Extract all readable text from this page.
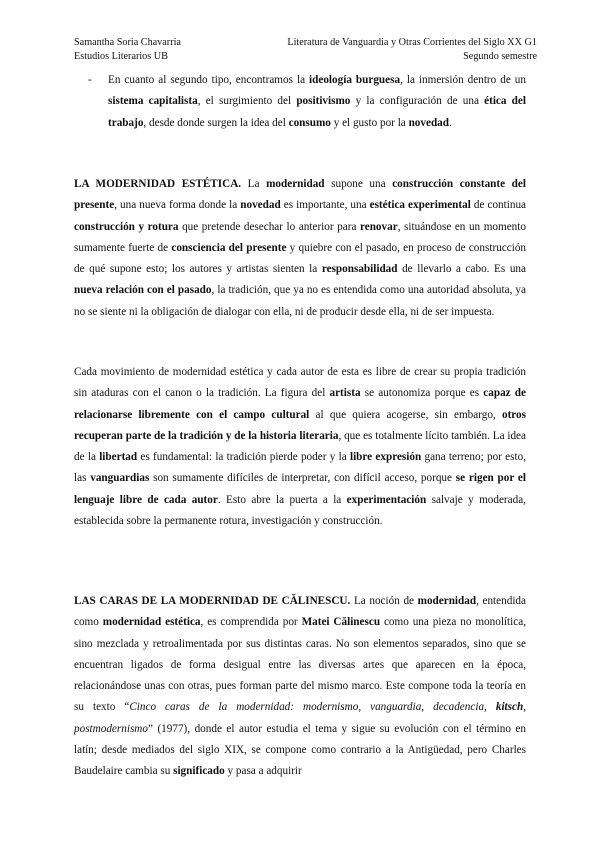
Samantha Soria Chavarria
Estudios Literarios UB
Literatura de Vanguardia y Otras Corrientes del Siglo XX G1
Segundo semestre
- En cuanto al segundo tipo, encontramos la ideología burguesa, la inmersión dentro de un sistema capitalista, el surgimiento del positivismo y la configuración de una ética del trabajo, desde donde surgen la idea del consumo y el gusto por la novedad.

LA MODERNIDAD ESTÉTICA. La modernidad supone una construcción constante del presente, una nueva forma donde la novedad es importante, una estética experimental de continua construcción y rotura que pretende desechar lo anterior para renovar, situándose en un momento sumamente fuerte de consciencia del presente y quiebre con el pasado, en proceso de construcción de qué supone esto; los autores y artistas sienten la responsabilidad de llevarlo a cabo. Es una nueva relación con el pasado, la tradición, que ya no es entendida como una autoridad absoluta, ya no se siente ni la obligación de dialogar con ella, ni de producir desde ella, ni de ser impuesta.

Cada movimiento de modernidad estética y cada autor de esta es libre de crear su propia tradición sin ataduras con el canon o la tradición. La figura del artista se autonomiza porque es capaz de relacionarse libremente con el campo cultural al que quiera acogerse, sin embargo, otros recuperan parte de la tradición y de la historia literaria, que es totalmente lícito también. La idea de la libertad es fundamental: la tradición pierde poder y la libre expresión gana terreno; por esto, las vanguardias son sumamente difíciles de interpretar, con difícil acceso, porque se rigen por el lenguaje libre de cada autor. Esto abre la puerta a la experimentación salvaje y moderada, establecida sobre la permanente rotura, investigación y construcción.

LAS CARAS DE LA MODERNIDAD DE CĂLINESCU. La noción de modernidad, entendida como modernidad estética, es comprendida por Matei Călinescu como una pieza no monolítica, sino mezclada y retroalimentada por sus distintas caras. No son elementos separados, sino que se encuentran ligados de forma desigual entre las diversas artes que aparecen en la época, relacionándose unas con otras, pues forman parte del mismo marco. Este compone toda la teoría en su texto “Cinco caras de la modernidad: modernismo, vanguardia, decadencia, kitsch, postmodernismo” (1977), donde el autor estudia el tema y sigue su evolución con el término en latín; desde mediados del siglo XIX, se compone como contrario a la Antigüedad, pero Charles Baudelaire cambia su significado y pasa a adquirir
